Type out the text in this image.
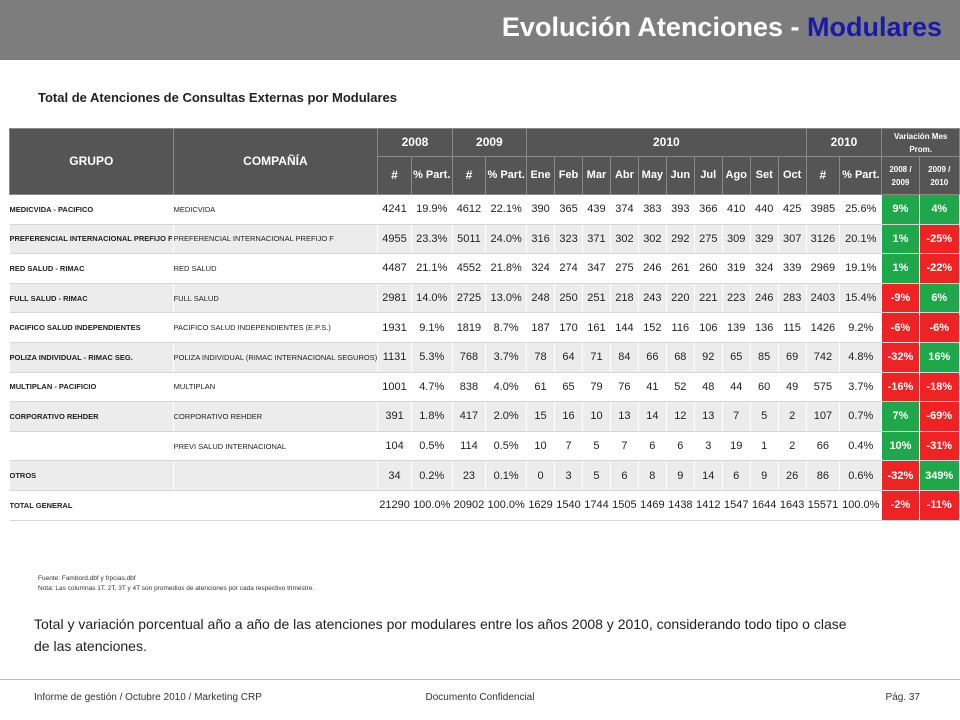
Evolución Atenciones - Modulares
Total de Atenciones de Consultas Externas por Modulares
GRUPO	COMPAÑÍA	2008		2009		2010										2010		Variación Mes Prom.	
		#	% Part.	#	% Part.	Ene	Feb	Mar	Abr	May	Jun	Jul	Ago	Set	Oct	#	% Part.	2008 / 2009	2009 / 2010
MEDICVIDA - PACIFICO	MEDICVIDA	4241	19.9%	4612	22.1%	390	365	439	374	383	393	366	410	440	425	3985	25.6%	9%	4%
PREFERENCIAL INTERNACIONAL PREFIJO F	PREFERENCIAL INTERNACIONAL PREFIJO F	4955	23.3%	5011	24.0%	316	323	371	302	302	292	275	309	329	307	3126	20.1%	1%	-25%
RED SALUD - RIMAC	RED SALUD	4487	21.1%	4552	21.8%	324	274	347	275	246	261	260	319	324	339	2969	19.1%	1%	-22%
FULL SALUD - RIMAC	FULL SALUD	2981	14.0%	2725	13.0%	248	250	251	218	243	220	221	223	246	283	2403	15.4%	-9%	6%
PACIFICO SALUD INDEPENDIENTES	PACIFICO SALUD INDEPENDIENTES (E.P.S.)	1931	9.1%	1819	8.7%	187	170	161	144	152	116	106	139	136	115	1426	9.2%	-6%	-6%
POLIZA INDIVIDUAL - RIMAC SEG.	POLIZA INDIVIDUAL (RIMAC INTERNACIONAL SEGUROS)	1131	5.3%	768	3.7%	78	64	71	84	66	68	92	65	85	69	742	4.8%	-32%	16%
MULTIPLAN - PACIFICIO	MULTIPLAN	1001	4.7%	838	4.0%	61	65	79	76	41	52	48	44	60	49	575	3.7%	-16%	-18%
CORPORATIVO REHDER	CORPORATIVO REHDER	391	1.8%	417	2.0%	15	16	10	13	14	12	13	7	5	2	107	0.7%	7%	-69%
	PREVI SALUD INTERNACIONAL	104	0.5%	114	0.5%	10	7	5	7	6	6	3	19	1	2	66	0.4%	10%	-31%
OTROS		34	0.2%	23	0.1%	0	3	5	6	8	9	14	6	9	26	86	0.6%	-32%	349%
TOTAL GENERAL		21290	100.0%	20902	100.0%	1629	1540	1744	1505	1469	1438	1412	1547	1644	1643	15571	100.0%	-2%	-11%
Fuente: Fambord.dbf y frpcias.dbf
Nota: Las columnas 1T, 2T, 3T y 4T son promedios de atenciones por cada respectivo trimestre.
Total y variación porcentual año a año de las atenciones por modulares entre los años 2008 y 2010, considerando todo tipo o clase de las atenciones.
Informe de gestión / Octubre 2010 / Marketing CRP	Documento Confidencial	Pág. 37
